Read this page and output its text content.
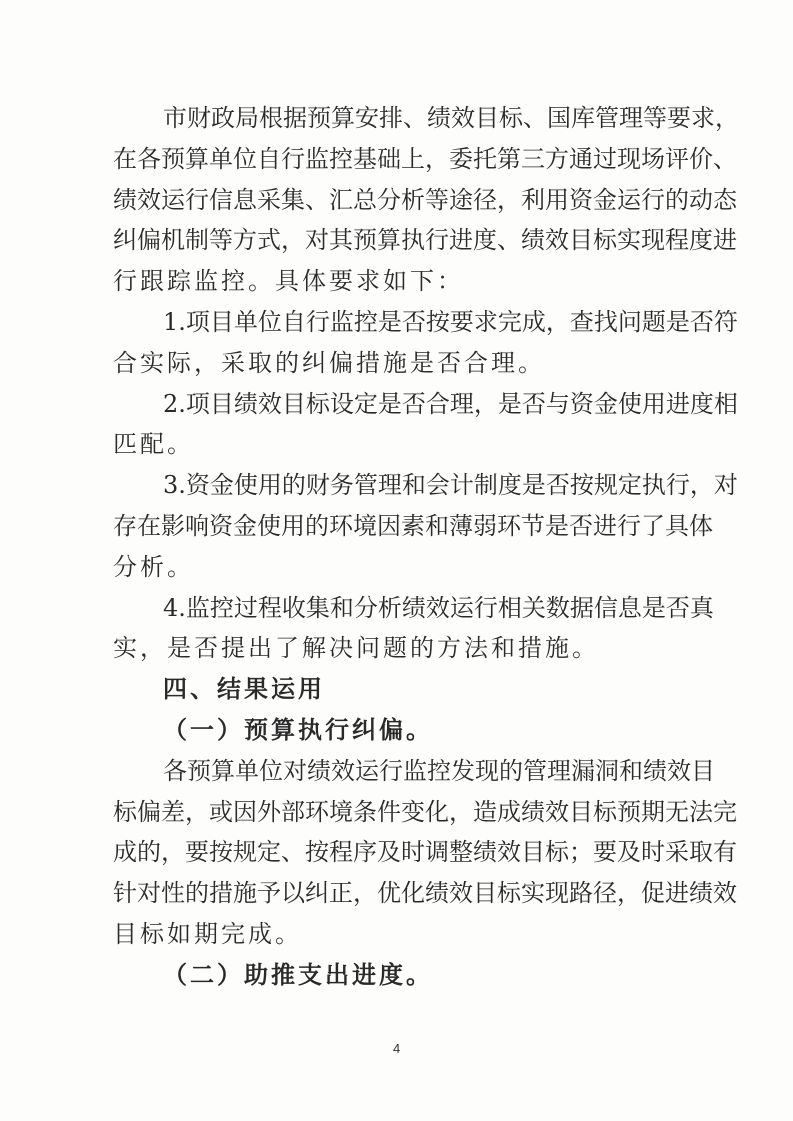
市财政局根据预算安排、绩效目标、国库管理等要求，
在各预算单位自行监控基础上，委托第三方通过现场评价、
绩效运行信息采集、汇总分析等途径，利用资金运行的动态
纠偏机制等方式，对其预算执行进度、绩效目标实现程度进
行跟踪监控。具体要求如下：
1.项目单位自行监控是否按要求完成，查找问题是否符
合实际，采取的纠偏措施是否合理。
2.项目绩效目标设定是否合理，是否与资金使用进度相
匹配。
3.资金使用的财务管理和会计制度是否按规定执行，对
存在影响资金使用的环境因素和薄弱环节是否进行了具体
分析。
4.监控过程收集和分析绩效运行相关数据信息是否真
实，是否提出了解决问题的方法和措施。
四、结果运用
（一）预算执行纠偏。
各预算单位对绩效运行监控发现的管理漏洞和绩效目
标偏差，或因外部环境条件变化，造成绩效目标预期无法完
成的，要按规定、按程序及时调整绩效目标；要及时采取有
针对性的措施予以纠正，优化绩效目标实现路径，促进绩效
目标如期完成。
（二）助推支出进度。
4
